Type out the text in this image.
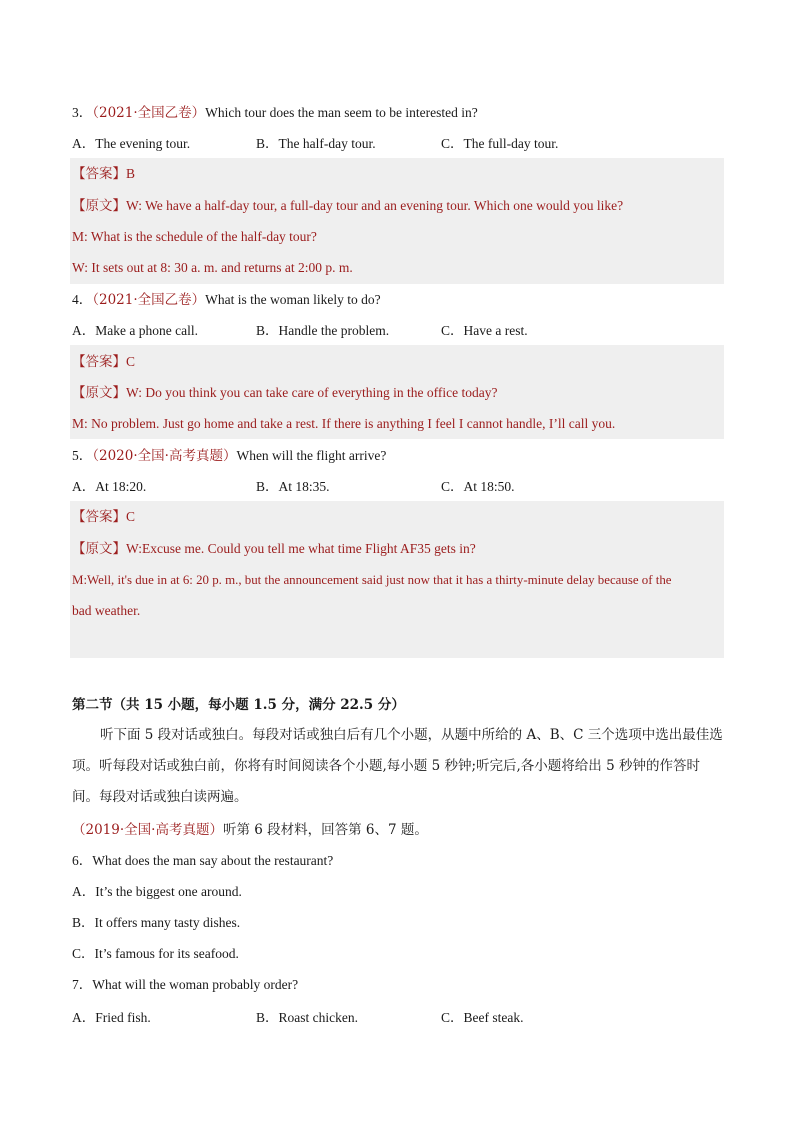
3．（2021·全国乙卷）Which tour does the man seem to be interested in?
A．The evening tour.	B．The half-day tour.	C．The full-day tour.
【答案】B
【原文】W: We have a half-day tour, a full-day tour and an evening tour. Which one would you like?
M: What is the schedule of the half-day tour?
W: It sets out at 8: 30 a. m. and returns at 2:00 p. m.
4．（2021·全国乙卷）What is the woman likely to do?
A．Make a phone call.	B．Handle the problem.	C．Have a rest.
【答案】C
【原文】W: Do you think you can take care of everything in the office today?
M: No problem. Just go home and take a rest. If there is anything I feel I cannot handle, I’ll call you.
5．（2020·全国·高考真题）When will the flight arrive?
A．At 18:20.	B．At 18:35.	C．At 18:50.
【答案】C
【原文】W:Excuse me. Could you tell me what time Flight AF35 gets in?
M:Well, it's due in at 6: 20 p. m., but the announcement said just now that it has a thirty-minute delay because of the
bad weather.
第二节（共 15 小题，每小题 1.5 分，满分 22.5 分）
听下面 5 段对话或独白。每段对话或独白后有几个小题，从题中所给的 A、B、C 三个选项中选出最佳选项。听每段对话或独白前，你将有时间阅读各个小题,每小题 5 秒钟;听完后,各小题将给出 5 秒钟的作答时间。每段对话或独白读两遍。
（2019·全国·高考真题）听第 6 段材料，回答第 6、7 题。
6．What does the man say about the restaurant?
A．It’s the biggest one around.
B．It offers many tasty dishes.
C．It’s famous for its seafood.
7．What will the woman probably order?
A．Fried fish.	B．Roast chicken.	C．Beef steak.
